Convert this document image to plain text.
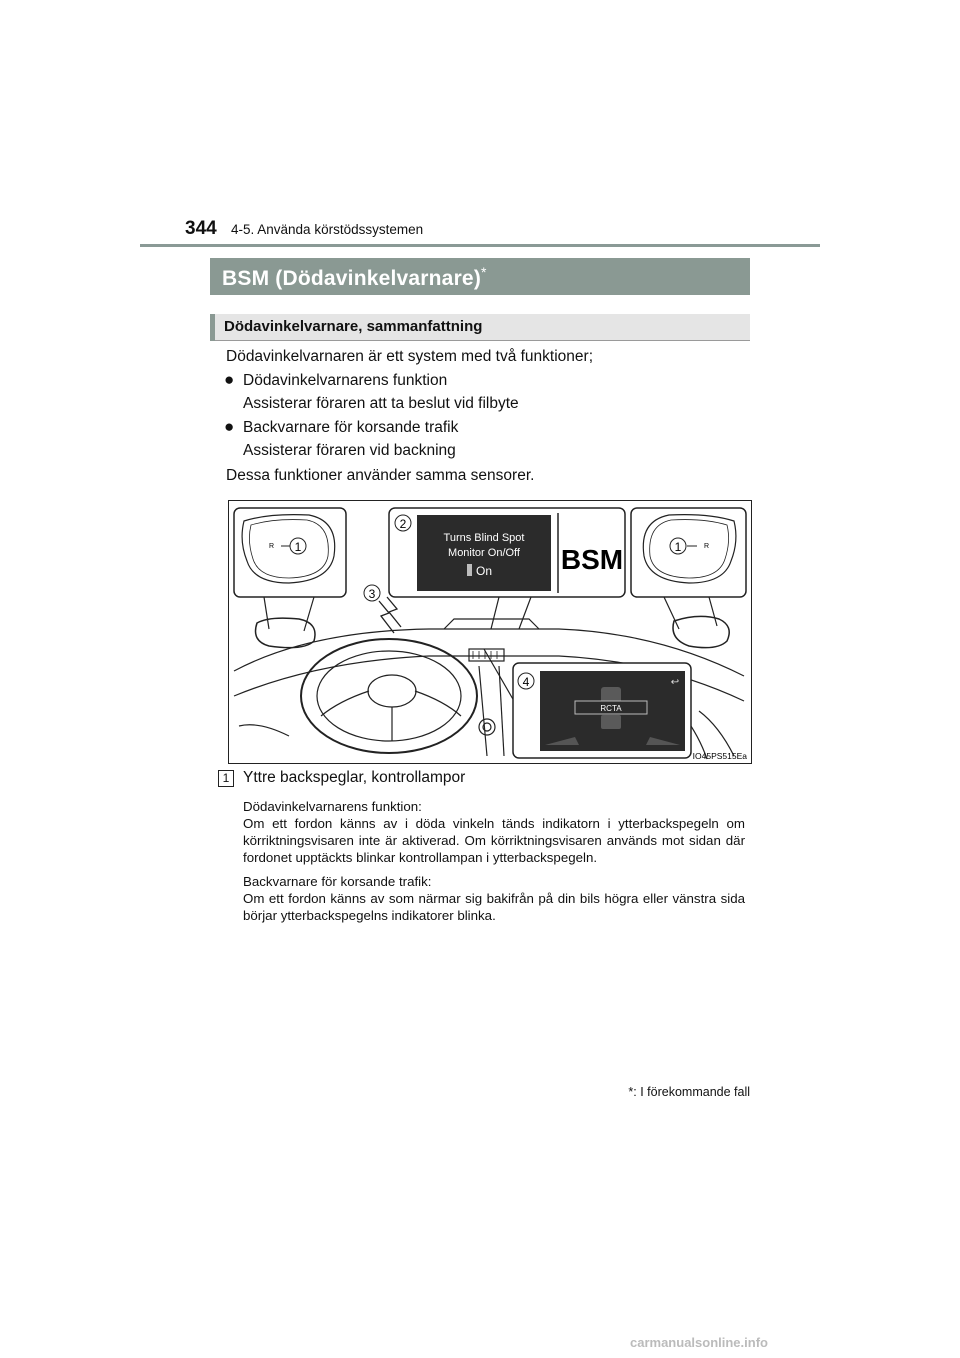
344 4-5. Använda körstödssystemen
BSM (Dödavinkelvarnare)*
Dödavinkelvarnare, sammanfattning
Dödavinkelvarnaren är ett system med två funktioner;
● Dödavinkelvarnarens funktion
Assisterar föraren att ta beslut vid filbyte
● Backvarnare för korsande trafik
Assisterar föraren vid backning
Dessa funktioner använder samma sensorer.
3
R 1
2
Turns Blind Spot
Monitor On/Off
On BSM	1	R
4	↩
RCTA
IO45PS515Ea
1 Yttre backspeglar, kontrollampor
Dödavinkelvarnarens funktion:
Om ett fordon känns av i döda vinkeln tänds indikatorn i ytterbackspegeln om körriktningsvisaren inte är aktiverad. Om körriktningsvisaren används mot sidan där fordonet upptäckts blinkar kontrollampan i ytterbackspegeln.
Backvarnare för korsande trafik:
Om ett fordon känns av som närmar sig bakifrån på din bils högra eller vänstra sida börjar ytterbackspegelns indikatorer blinka.
*: I förekommande fall
carmanualsonline.info
